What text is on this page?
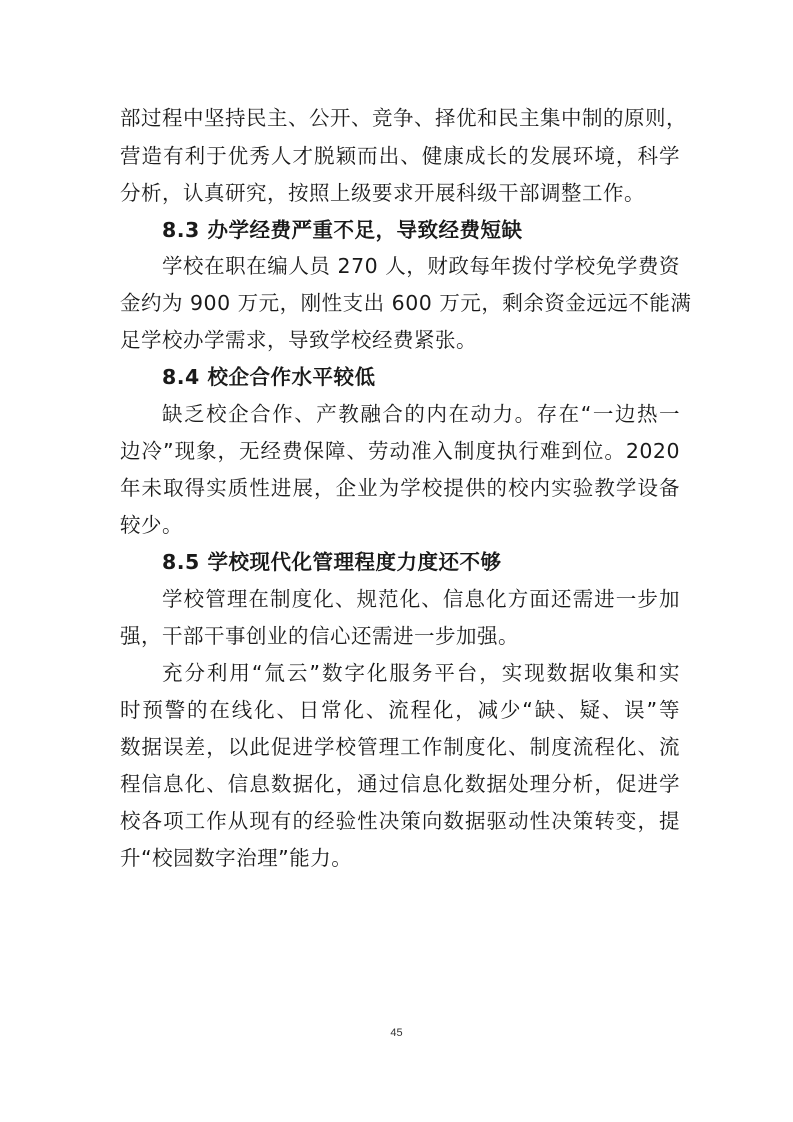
部过程中坚持民主、公开、竞争、择优和民主集中制的原则，
营造有利于优秀人才脱颖而出、健康成长的发展环境，科学
分析，认真研究，按照上级要求开展科级干部调整工作。
8.3 办学经费严重不足，导致经费短缺
学校在职在编人员 270 人，财政每年拨付学校免学费资
金约为 900 万元，刚性支出 600 万元，剩余资金远远不能满
足学校办学需求，导致学校经费紧张。
8.4 校企合作水平较低
缺乏校企合作、产教融合的内在动力。存在“一边热一
边冷”现象，无经费保障、劳动准入制度执行难到位。2020
年未取得实质性进展，企业为学校提供的校内实验教学设备
较少。
8.5 学校现代化管理程度力度还不够
学校管理在制度化、规范化、信息化方面还需进一步加
强，干部干事创业的信心还需进一步加强。
充分利用“氚云”数字化服务平台，实现数据收集和实
时预警的在线化、日常化、流程化，减少“缺、疑、误”等
数据误差，以此促进学校管理工作制度化、制度流程化、流
程信息化、信息数据化，通过信息化数据处理分析，促进学
校各项工作从现有的经验性决策向数据驱动性决策转变，提
升“校园数字治理”能力。
45
